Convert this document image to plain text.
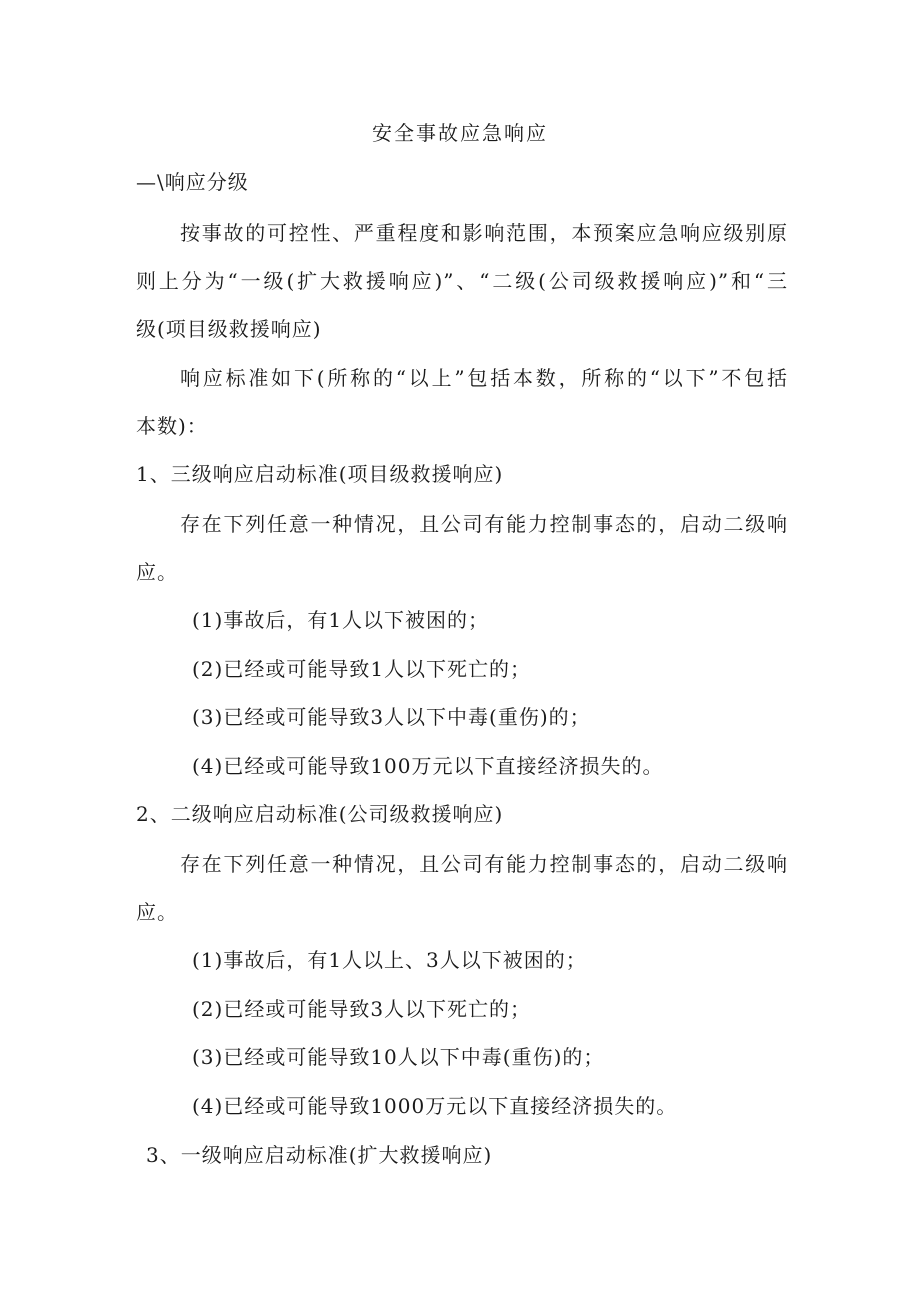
安全事故应急响应
—\响应分级
按事故的可控性、严重程度和影响范围，本预案应急响应级别原
则上分为“一级(扩大救援响应)”、“二级(公司级救援响应)”和“三
级(项目级救援响应)
响应标准如下(所称的“以上”包括本数，所称的“以下”不包括
本数)：
1、三级响应启动标准(项目级救援响应)
存在下列任意一种情况，且公司有能力控制事态的，启动二级响
应。
(1)事故后，有1人以下被困的；
(2)已经或可能导致1人以下死亡的；
(3)已经或可能导致3人以下中毒(重伤)的；
(4)已经或可能导致100万元以下直接经济损失的。
2、二级响应启动标准(公司级救援响应)
存在下列任意一种情况，且公司有能力控制事态的，启动二级响
应。
(1)事故后，有1人以上、3人以下被困的；
(2)已经或可能导致3人以下死亡的；
(3)已经或可能导致10人以下中毒(重伤)的；
(4)已经或可能导致1000万元以下直接经济损失的。
3、一级响应启动标准(扩大救援响应)
